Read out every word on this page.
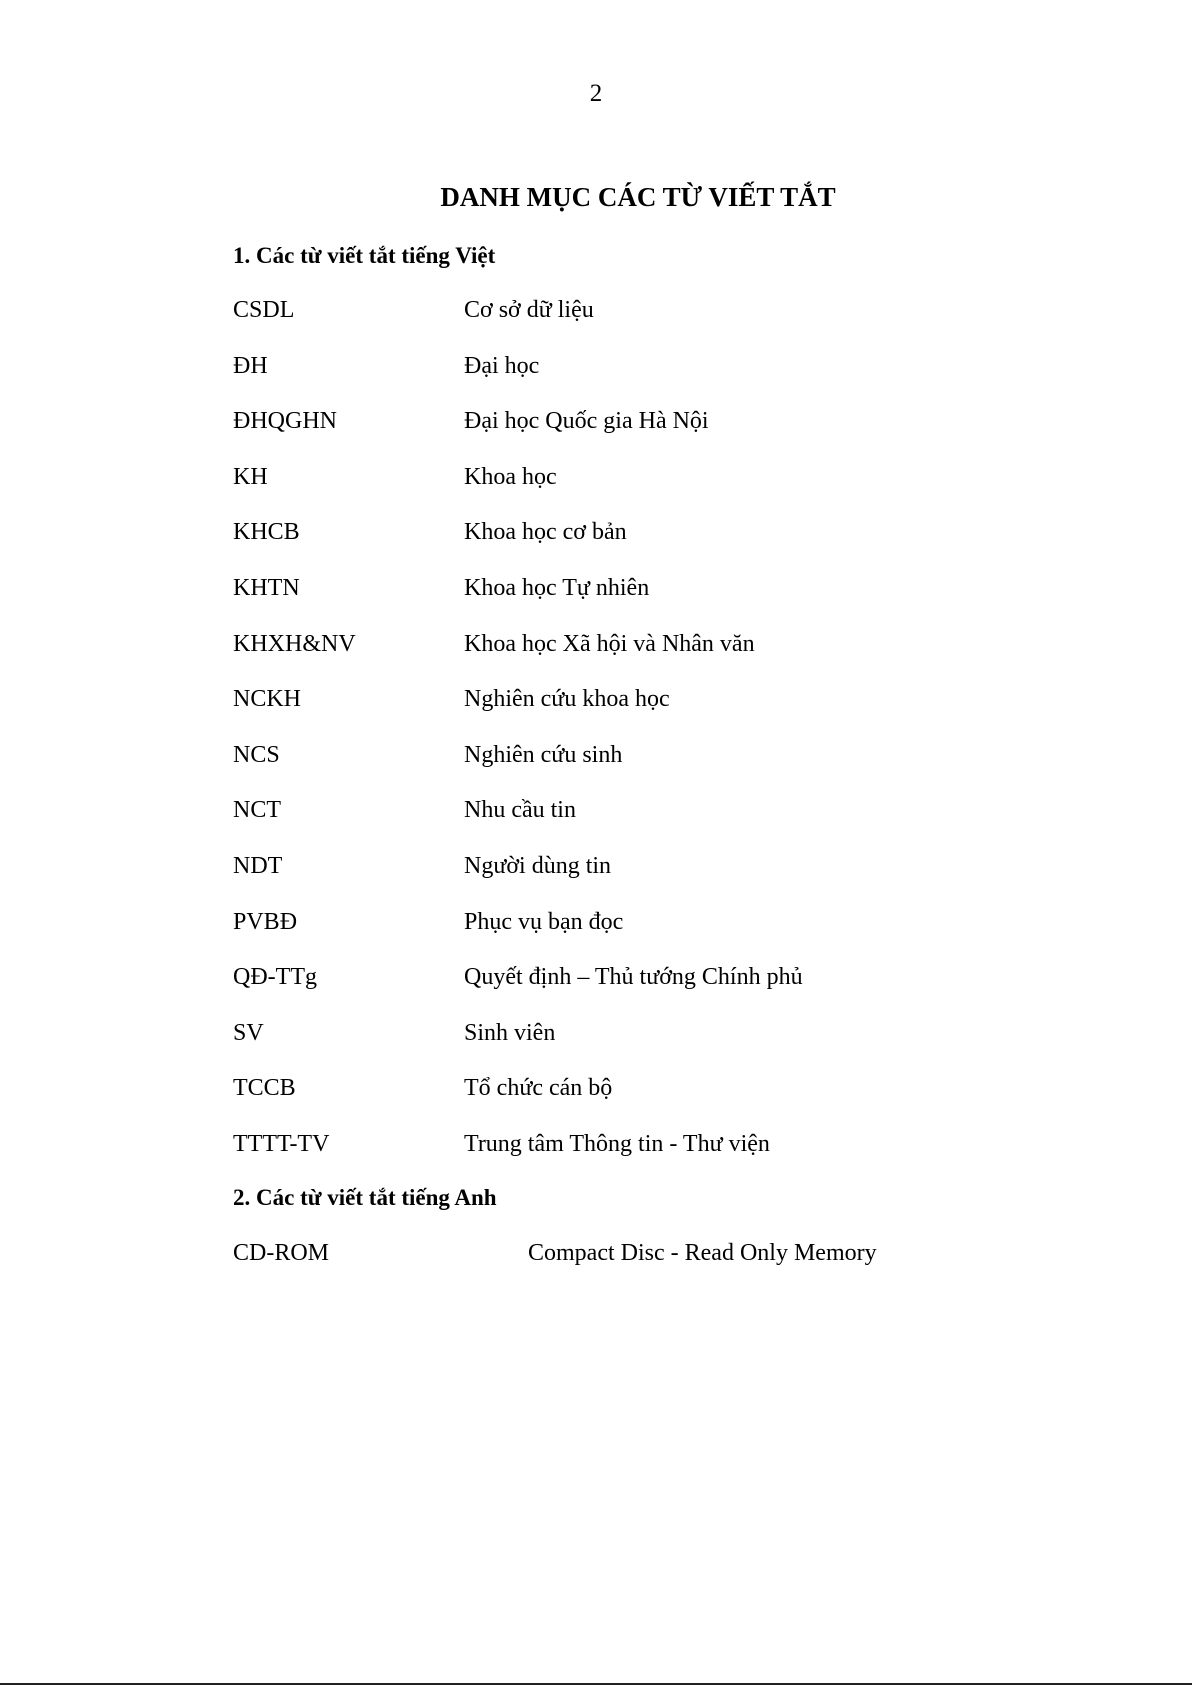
2
DANH MỤC CÁC TỪ VIẾT TẮT
1. Các từ viết tắt tiếng Việt
CSDL	Cơ sở dữ liệu
ĐH	Đại học
ĐHQGHN	Đại học Quốc gia Hà Nội
KH	Khoa học
KHCB	Khoa học cơ bản
KHTN	Khoa học Tự nhiên
KHXH&NV	Khoa học Xã hội và Nhân văn
NCKH	Nghiên cứu khoa học
NCS	Nghiên cứu sinh
NCT	Nhu cầu tin
NDT	Người dùng tin
PVBĐ	Phục vụ bạn đọc
QĐ-TTg	Quyết định – Thủ tướng Chính phủ
SV	Sinh viên
TCCB	Tổ chức cán bộ
TTTT-TV	Trung tâm Thông tin - Thư viện
2. Các từ viết tắt tiếng Anh
CD-ROM	Compact Disc - Read Only Memory
